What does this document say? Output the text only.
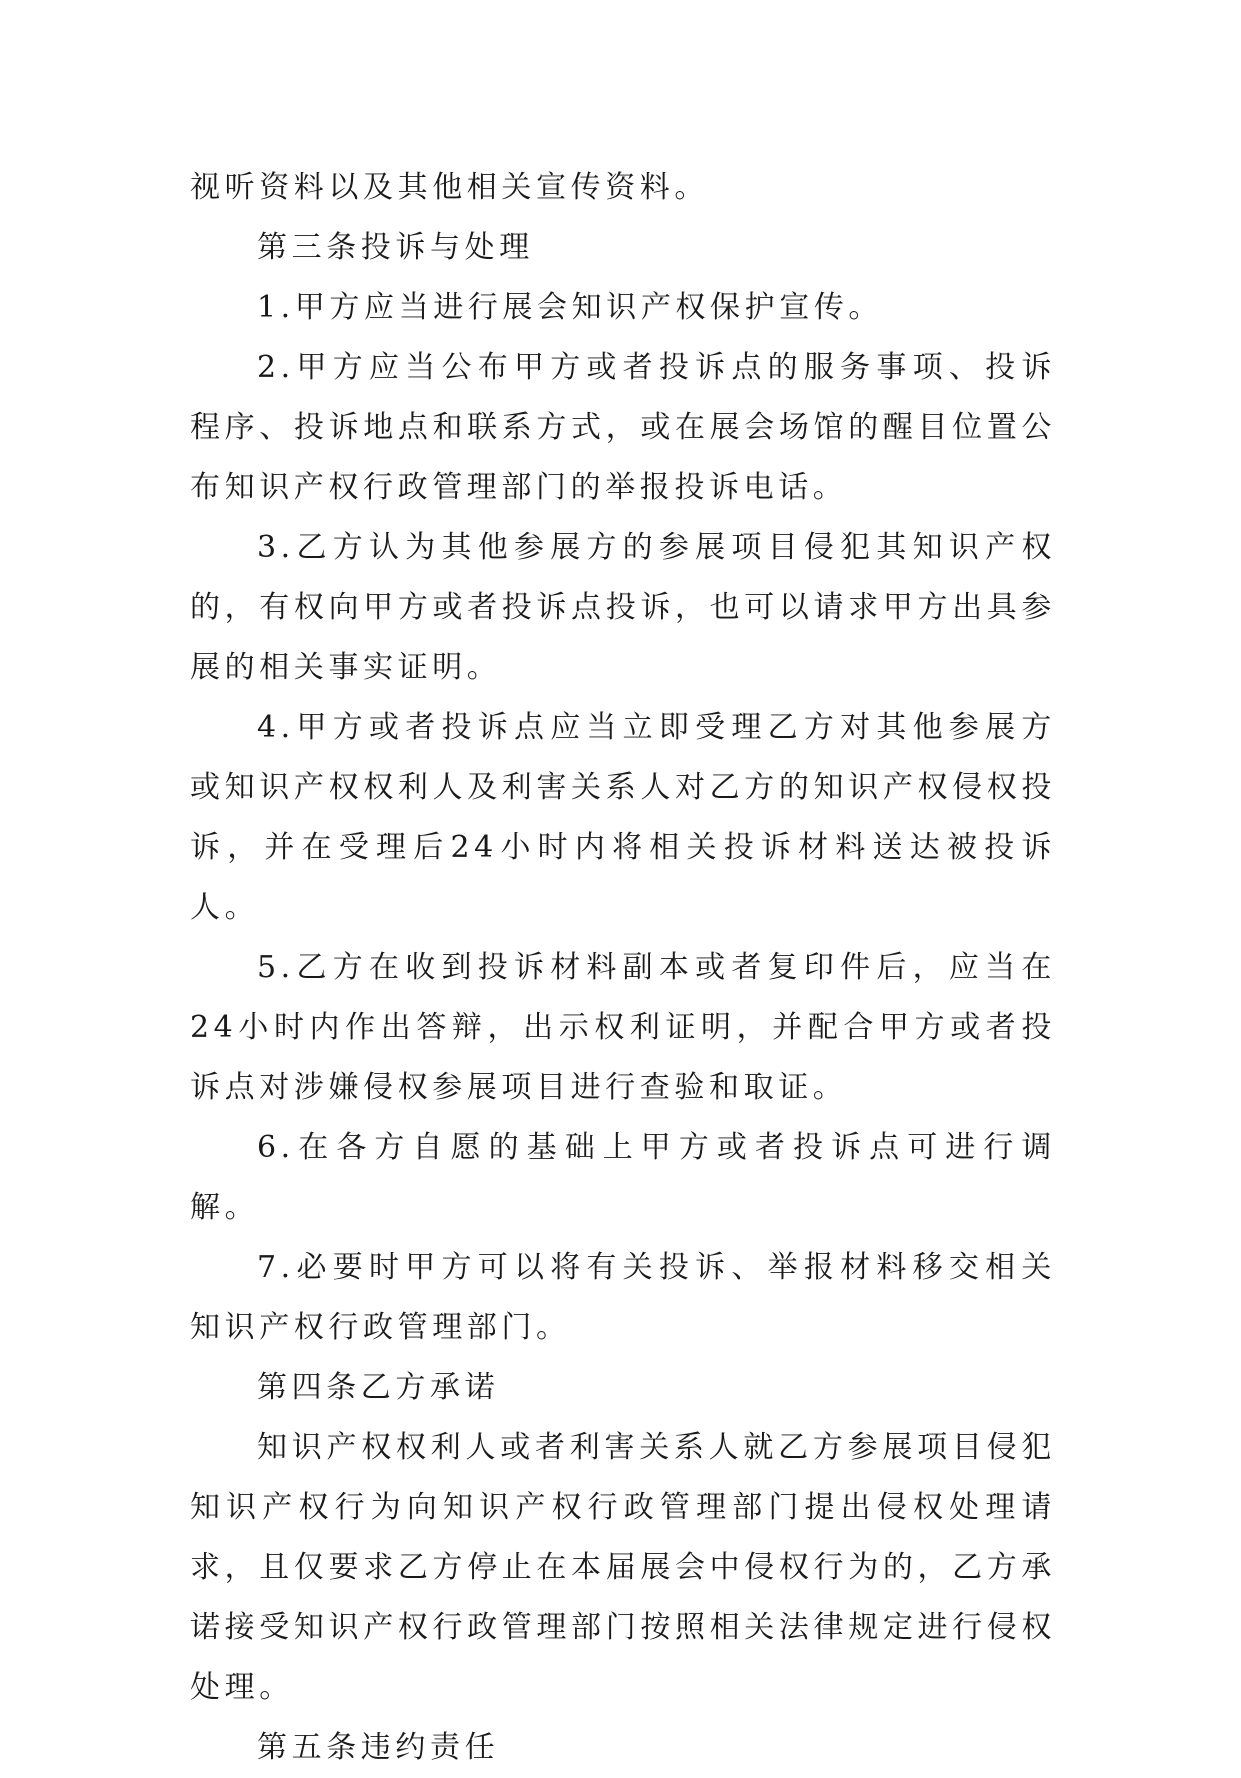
视听资料以及其他相关宣传资料。

第三条投诉与处理

1.甲方应当进行展会知识产权保护宣传。

2.甲方应当公布甲方或者投诉点的服务事项、投诉程序、投诉地点和联系方式，或在展会场馆的醒目位置公布知识产权行政管理部门的举报投诉电话。

3.乙方认为其他参展方的参展项目侵犯其知识产权的，有权向甲方或者投诉点投诉，也可以请求甲方出具参展的相关事实证明。

4.甲方或者投诉点应当立即受理乙方对其他参展方或知识产权权利人及利害关系人对乙方的知识产权侵权投诉，并在受理后24小时内将相关投诉材料送达被投诉人。

5.乙方在收到投诉材料副本或者复印件后，应当在24小时内作出答辩，出示权利证明，并配合甲方或者投诉点对涉嫌侵权参展项目进行查验和取证。

6.在各方自愿的基础上甲方或者投诉点可进行调解。

7.必要时甲方可以将有关投诉、举报材料移交相关知识产权行政管理部门。

第四条乙方承诺

知识产权权利人或者利害关系人就乙方参展项目侵犯知识产权行为向知识产权行政管理部门提出侵权处理请求，且仅要求乙方停止在本届展会中侵权行为的，乙方承诺接受知识产权行政管理部门按照相关法律规定进行侵权处理。

第五条违约责任
